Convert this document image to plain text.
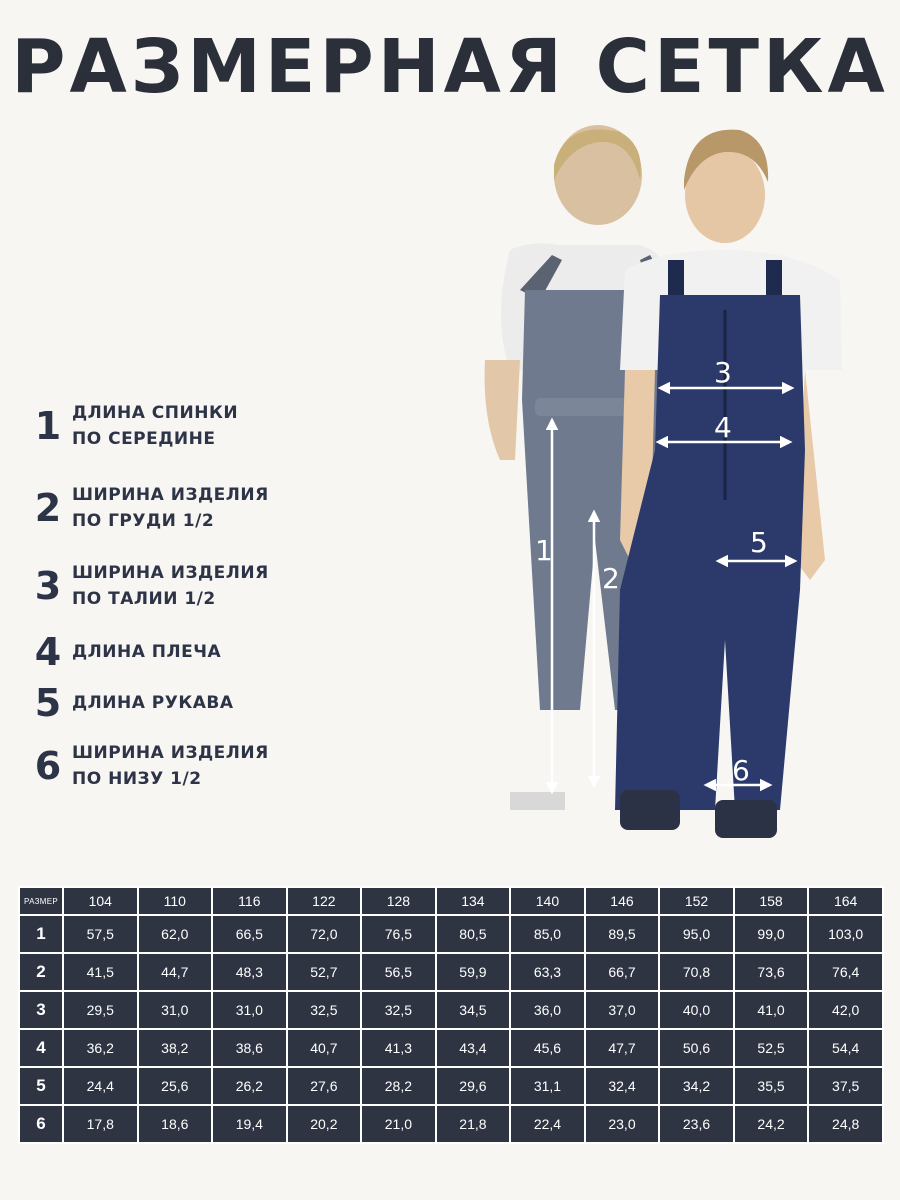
РАЗМЕРНАЯ СЕТКА
1 ДЛИНА СПИНКИ
ПО СЕРЕДИНЕ
2 ШИРИНА ИЗДЕЛИЯ
ПО ГРУДИ 1/2
3 ШИРИНА ИЗДЕЛИЯ
ПО ТАЛИИ 1/2
4 ДЛИНА ПЛЕЧА
5 ДЛИНА РУКАВА
6 ШИРИНА ИЗДЕЛИЯ
ПО НИЗУ 1/2
1
2
3
4
5
6
РАЗМЕР	104	110	116	122	128	134	140	146	152	158	164
1	57,5	62,0	66,5	72,0	76,5	80,5	85,0	89,5	95,0	99,0	103,0
2	41,5	44,7	48,3	52,7	56,5	59,9	63,3	66,7	70,8	73,6	76,4
3	29,5	31,0	31,0	32,5	32,5	34,5	36,0	37,0	40,0	41,0	42,0
4	36,2	38,2	38,6	40,7	41,3	43,4	45,6	47,7	50,6	52,5	54,4
5	24,4	25,6	26,2	27,6	28,2	29,6	31,1	32,4	34,2	35,5	37,5
6	17,8	18,6	19,4	20,2	21,0	21,8	22,4	23,0	23,6	24,2	24,8
